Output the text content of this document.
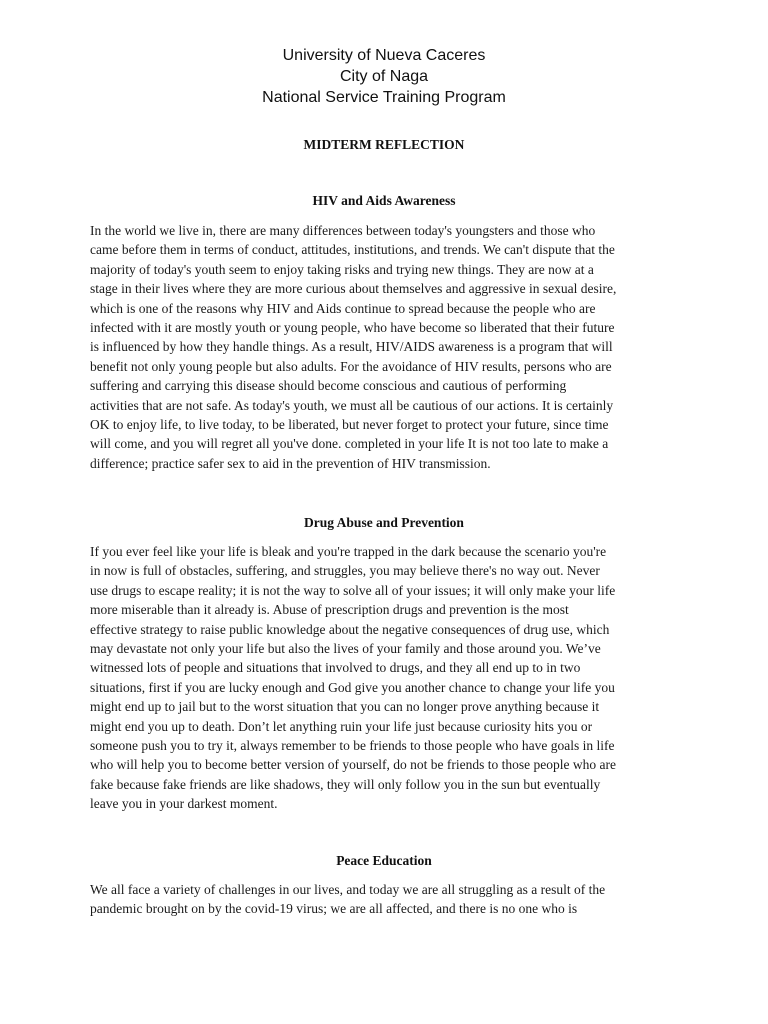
University of Nueva Caceres
City of Naga
National Service Training Program
MIDTERM REFLECTION
HIV and Aids Awareness
In the world we live in, there are many differences between today's youngsters and those who
came before them in terms of conduct, attitudes, institutions, and trends. We can't dispute that the
majority of today's youth seem to enjoy taking risks and trying new things. They are now at a
stage in their lives where they are more curious about themselves and aggressive in sexual desire,
which is one of the reasons why HIV and Aids continue to spread because the people who are
infected with it are mostly youth or young people, who have become so liberated that their future
is influenced by how they handle things. As a result, HIV/AIDS awareness is a program that will
benefit not only young people but also adults. For the avoidance of HIV results, persons who are
suffering and carrying this disease should become conscious and cautious of performing
activities that are not safe. As today's youth, we must all be cautious of our actions. It is certainly
OK to enjoy life, to live today, to be liberated, but never forget to protect your future, since time
will come, and you will regret all you've done. completed in your life It is not too late to make a
difference; practice safer sex to aid in the prevention of HIV transmission.
Drug Abuse and Prevention
If you ever feel like your life is bleak and you're trapped in the dark because the scenario you're
in now is full of obstacles, suffering, and struggles, you may believe there's no way out. Never
use drugs to escape reality; it is not the way to solve all of your issues; it will only make your life
more miserable than it already is. Abuse of prescription drugs and prevention is the most
effective strategy to raise public knowledge about the negative consequences of drug use, which
may devastate not only your life but also the lives of your family and those around you. We’ve
witnessed lots of people and situations that involved to drugs, and they all end up to in two
situations, first if you are lucky enough and God give you another chance to change your life you
might end up to jail but to the worst situation that you can no longer prove anything because it
might end you up to death. Don’t let anything ruin your life just because curiosity hits you or
someone push you to try it, always remember to be friends to those people who have goals in life
who will help you to become better version of yourself, do not be friends to those people who are
fake because fake friends are like shadows, they will only follow you in the sun but eventually
leave you in your darkest moment.
Peace Education
We all face a variety of challenges in our lives, and today we are all struggling as a result of the
pandemic brought on by the covid-19 virus; we are all affected, and there is no one who is
